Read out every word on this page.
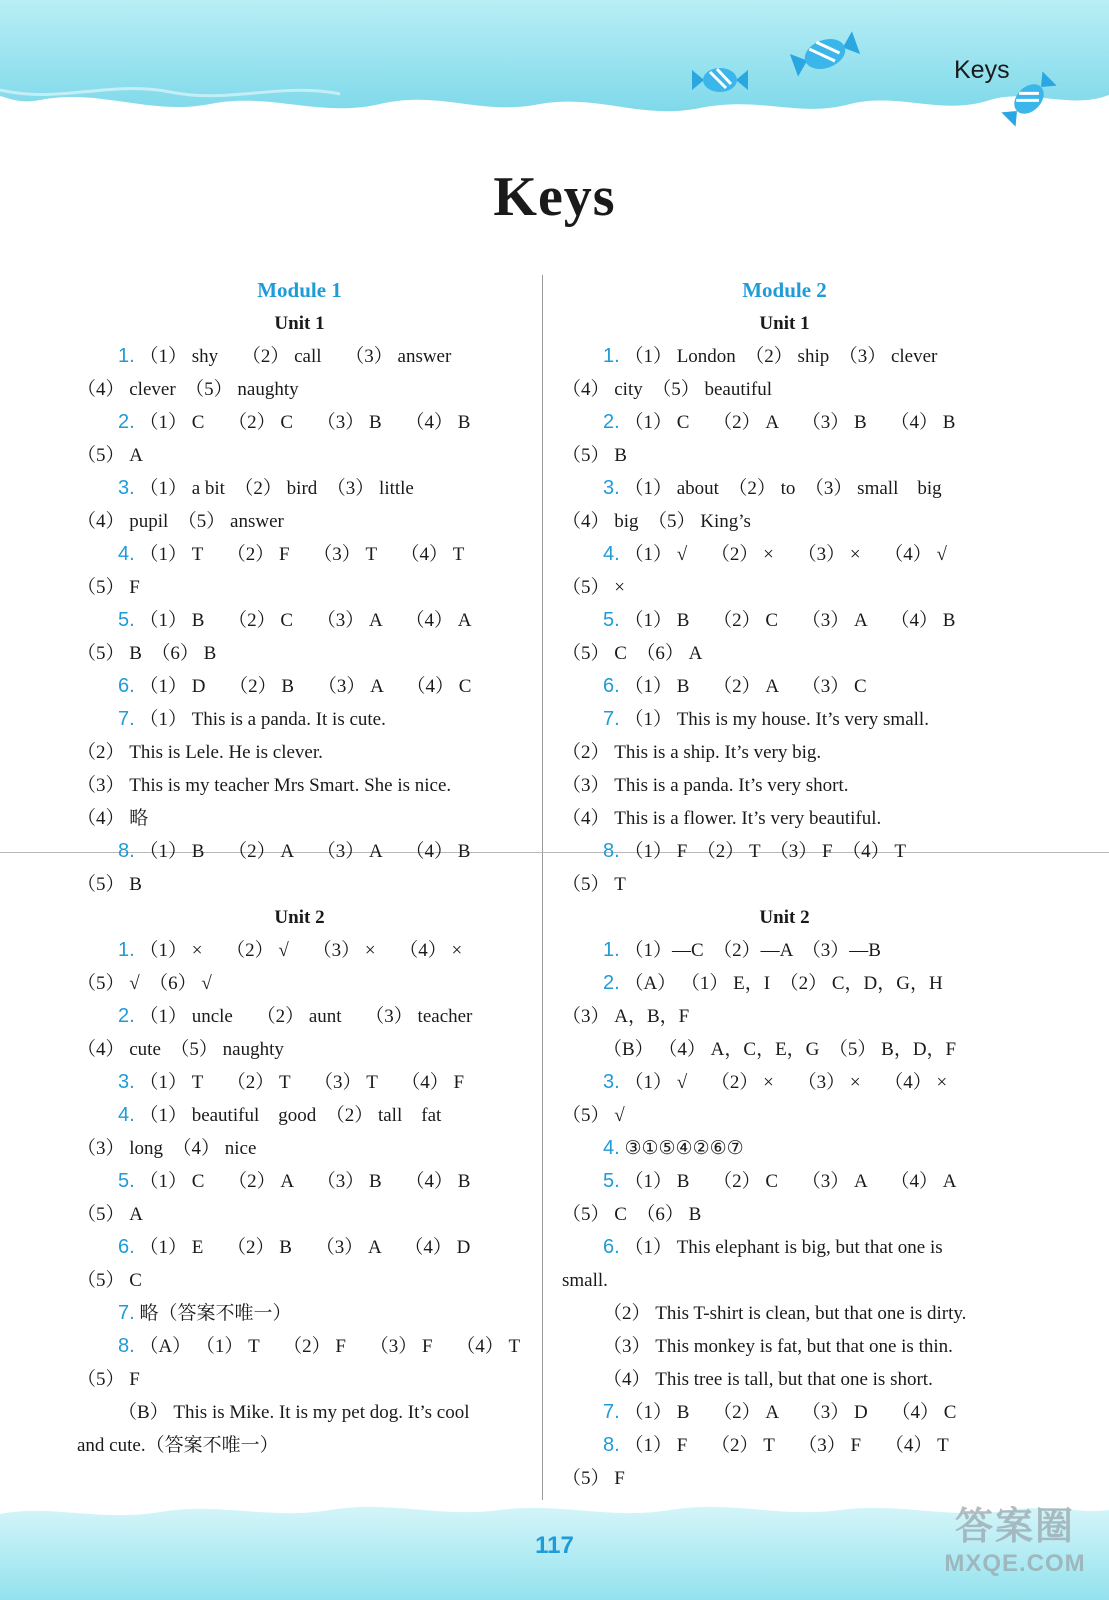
Keys
Keys
Module 1
Unit 1
1. （1） shy　 （2） call　 （3） answer
（4） clever　（5） naughty
2. （1） C　 （2） C　 （3） B　 （4） B
（5） A
3. （1） a bit　（2） bird　（3） little
（4） pupil　（5） answer
4. （1） T　 （2） F　 （3） T　 （4） T
（5） F
5. （1） B　 （2） C　 （3） A　 （4） A
（5） B　（6） B
6. （1） D　 （2） B　 （3） A　 （4） C
7. （1） This is a panda. It is cute.
（2） This is Lele. He is clever.
（3） This is my teacher Mrs Smart. She is nice.
（4） 略
8. （1） B　 （2） A　 （3） A　 （4） B
（5） B
Unit 2
1. （1） ×　 （2） √　 （3） ×　 （4） ×
（5） √　（6） √
2. （1） uncle　 （2） aunt　 （3） teacher
（4） cute　（5） naughty
3. （1） T　 （2） T　 （3） T　 （4） F
4. （1） beautiful　good　（2） tall　fat
（3） long　（4） nice
5. （1） C　 （2） A　 （3） B　 （4） B
（5） A
6. （1） E　 （2） B　 （3） A　 （4） D
（5） C
7. 略（答案不唯一）
8. （A） （1） T　 （2） F　 （3） F　 （4） T
（5） F
（B） This is Mike. It is my pet dog. It’s cool
and cute.（答案不唯一）
Module 2
Unit 1
1. （1） London　（2） ship　（3） clever
（4） city　（5） beautiful
2. （1） C　 （2） A　 （3） B　 （4） B
（5） B
3. （1） about　（2） to　（3） small　big
（4） big　（5） King’s
4. （1） √　 （2） ×　 （3） ×　 （4） √
（5） ×
5. （1） B　 （2） C　 （3） A　 （4） B
（5） C　（6） A
6. （1） B　 （2） A　 （3） C
7. （1） This is my house. It’s very small.
（2） This is a ship. It’s very big.
（3） This is a panda. It’s very short.
（4） This is a flower. It’s very beautiful.
8. （1） F　（2） T　（3） F　（4） T
（5） T
Unit 2
1. （1）—C　（2）—A　（3）—B
2. （A） （1） E，I　（2） C，D，G，H
（3） A，B，F
（B） （4） A，C，E，G　（5） B，D，F
3. （1） √　 （2） ×　 （3） ×　 （4） ×
（5） √
4. ③①⑤④②⑥⑦
5. （1） B　 （2） C　 （3） A　 （4） A
（5） C　（6） B
6. （1） This elephant is big, but that one is
small.
（2） This T-shirt is clean, but that one is dirty.
（3） This monkey is fat, but that one is thin.
（4） This tree is tall, but that one is short.
7. （1） B　 （2） A　 （3） D　 （4） C
8. （1） F　 （2） T　 （3） F　 （4） T
（5） F
117	答案圈
MXQE.COM
